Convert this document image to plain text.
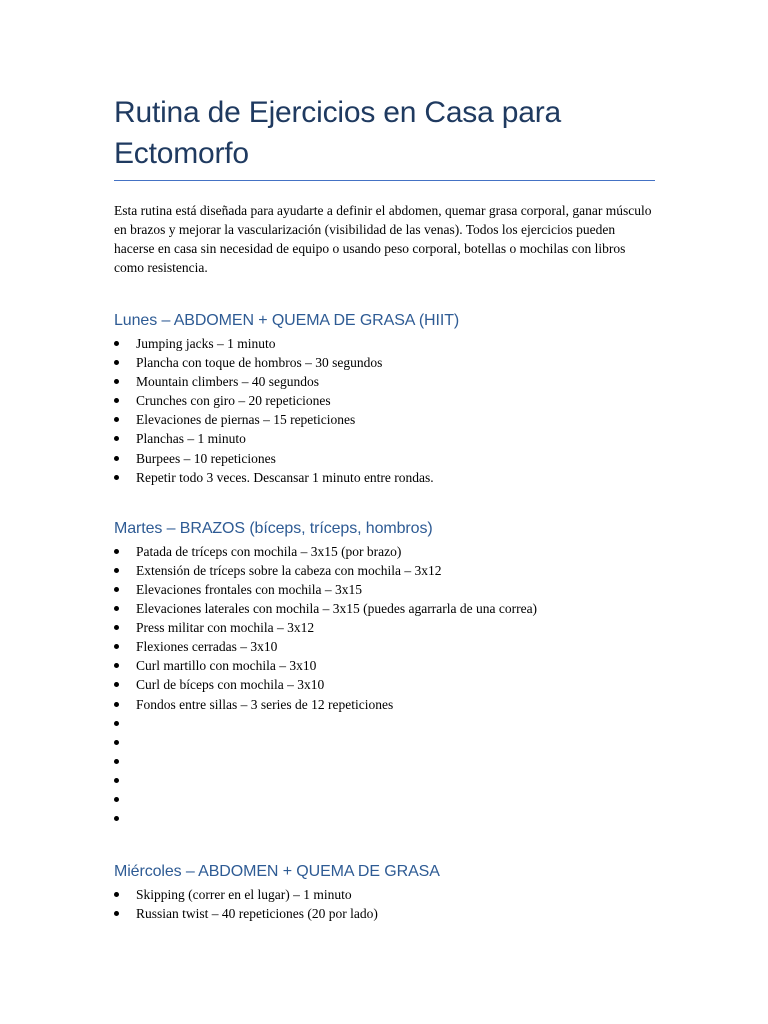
Rutina de Ejercicios en Casa para Ectomorfo

Esta rutina está diseñada para ayudarte a definir el abdomen, quemar grasa corporal, ganar músculo en brazos y mejorar la vascularización (visibilidad de las venas). Todos los ejercicios pueden hacerse en casa sin necesidad de equipo o usando peso corporal, botellas o mochilas con libros como resistencia.

Lunes – ABDOMEN + QUEMA DE GRASA (HIIT)
Jumping jacks – 1 minuto
Plancha con toque de hombros – 30 segundos
Mountain climbers – 40 segundos
Crunches con giro – 20 repeticiones
Elevaciones de piernas – 15 repeticiones
Planchas – 1 minuto
Burpees – 10 repeticiones
Repetir todo 3 veces. Descansar 1 minuto entre rondas.
Martes – BRAZOS (bíceps, tríceps, hombros)
Patada de tríceps con mochila – 3x15 (por brazo)
Extensión de tríceps sobre la cabeza con mochila – 3x12
Elevaciones frontales con mochila – 3x15
Elevaciones laterales con mochila – 3x15 (puedes agarrarla de una correa)
Press militar con mochila – 3x12
Flexiones cerradas – 3x10
Curl martillo con mochila – 3x10
Curl de bíceps con mochila – 3x10
Fondos entre sillas – 3 series de 12 repeticiones
Miércoles – ABDOMEN + QUEMA DE GRASA
Skipping (correr en el lugar) – 1 minuto
Russian twist – 40 repeticiones (20 por lado)
